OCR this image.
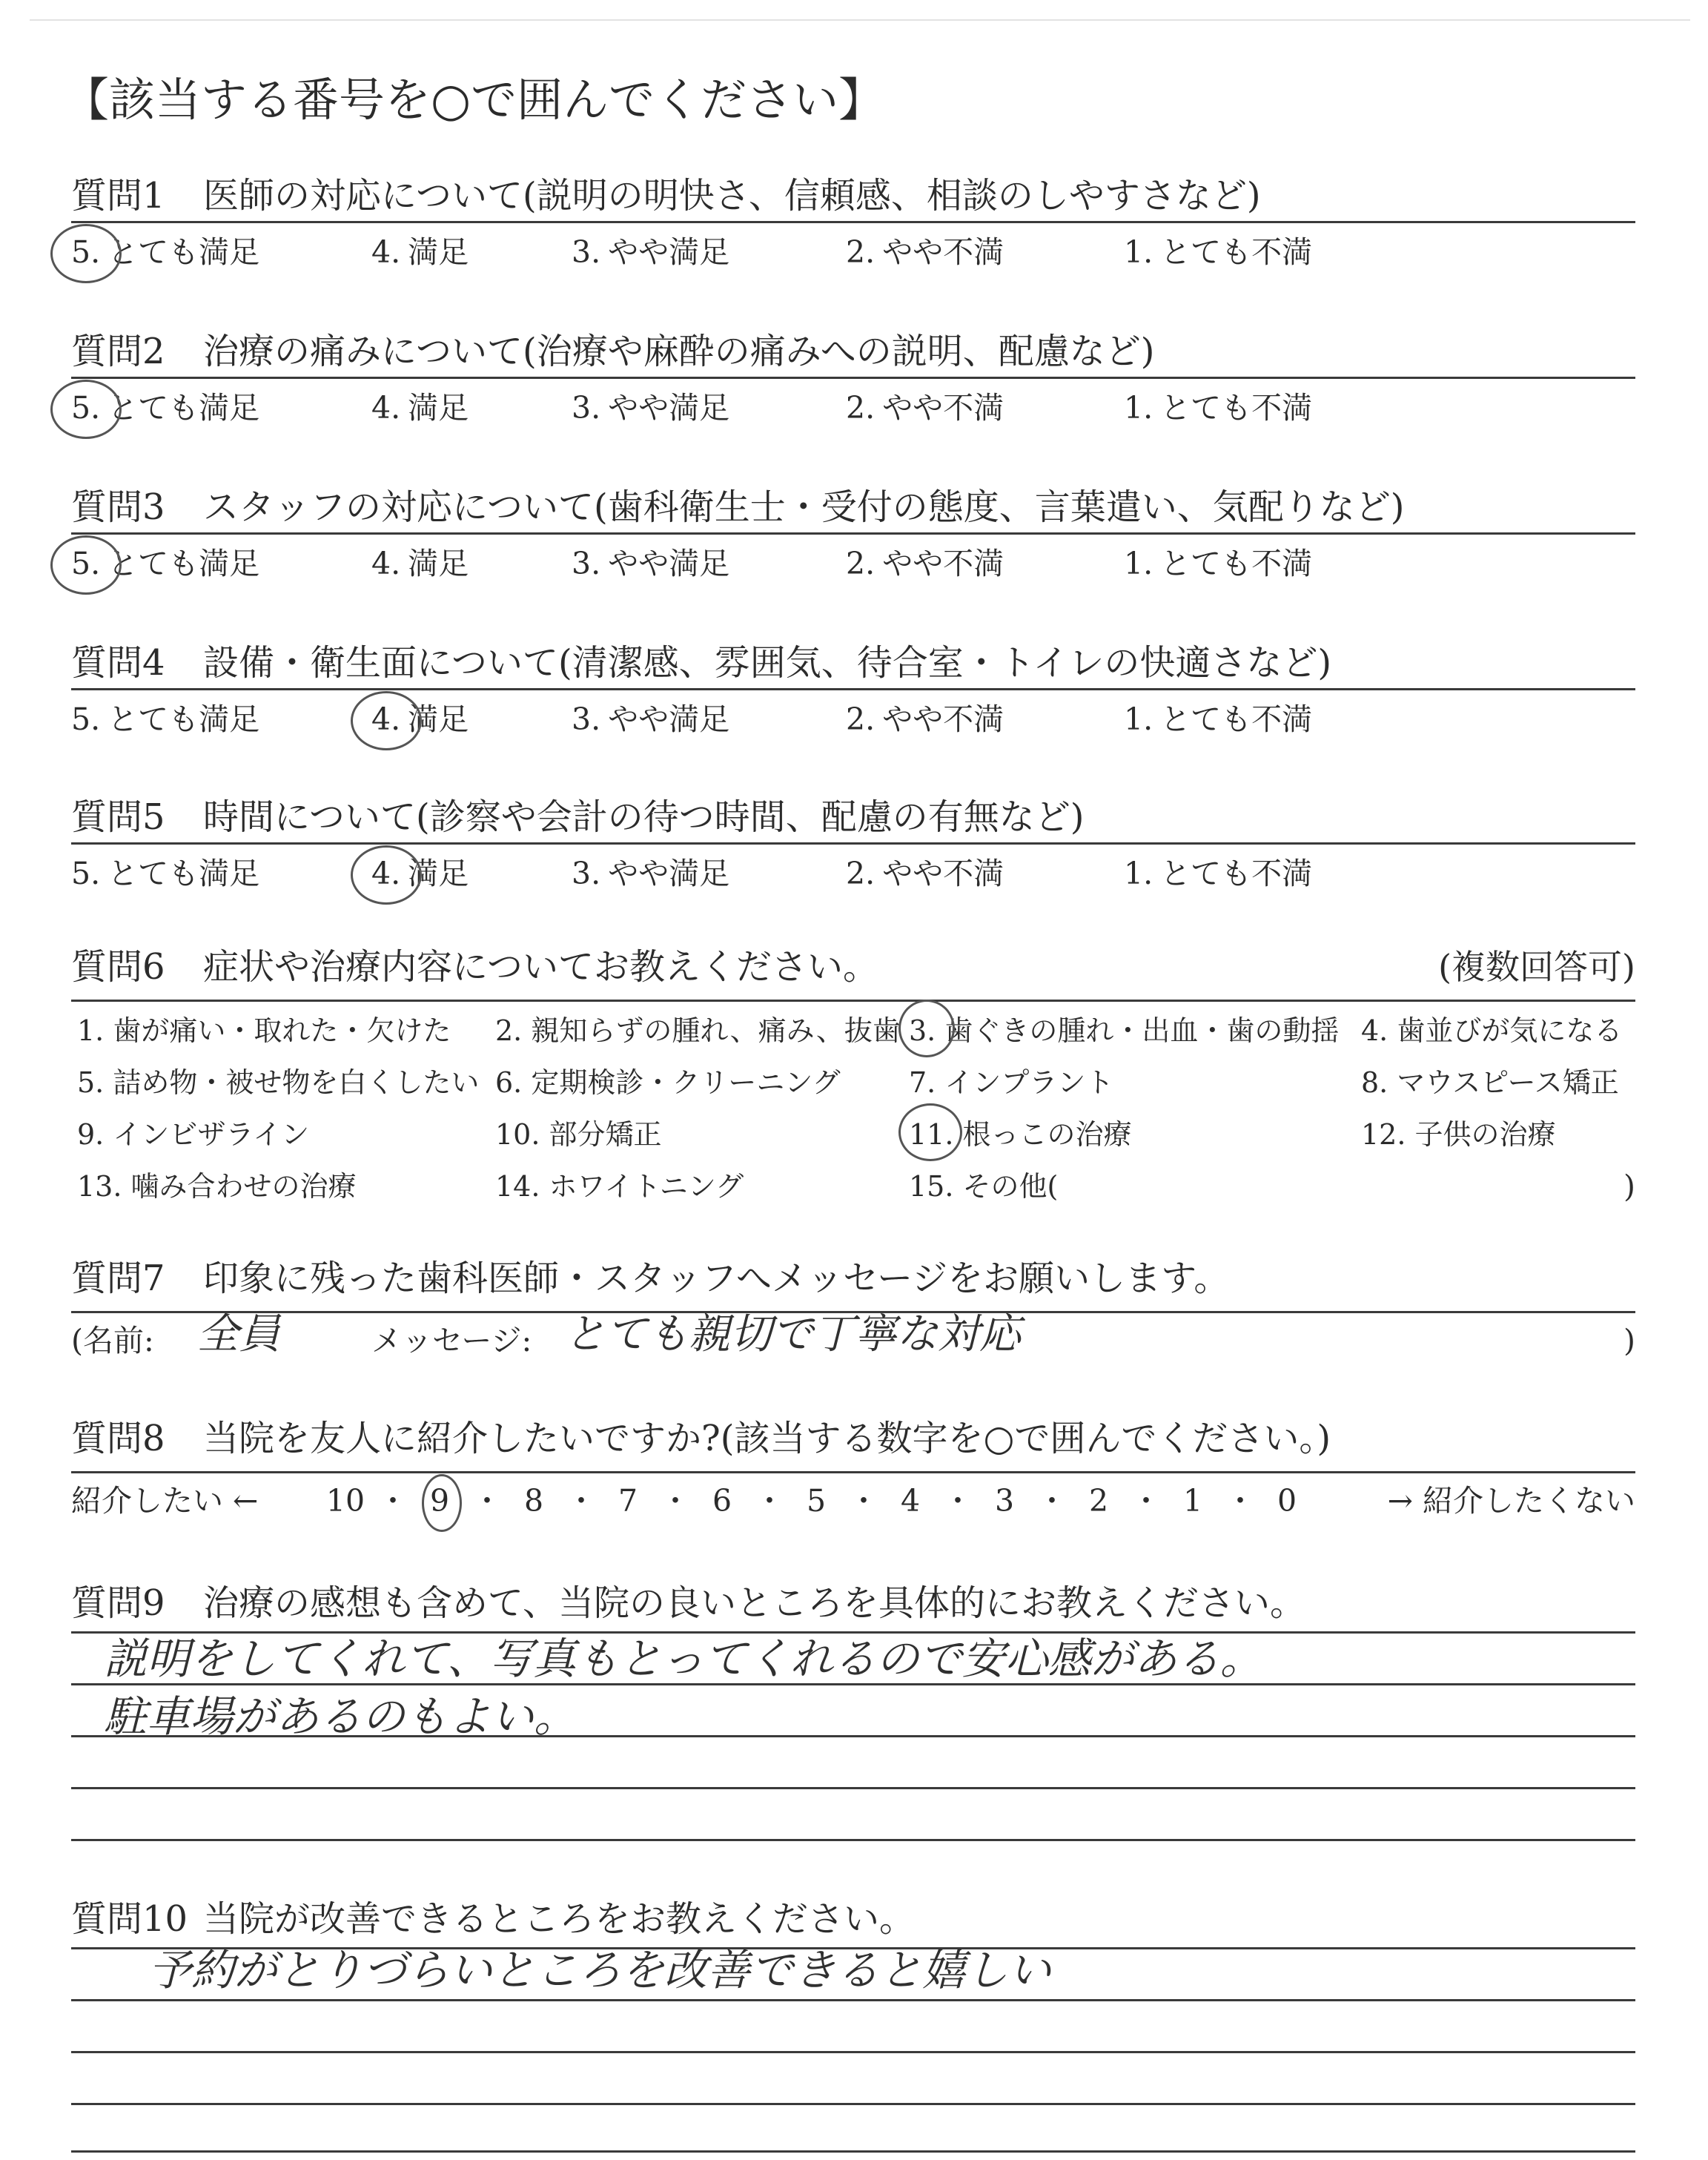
【該当する番号を○で囲んでください】
質問1 医師の対応について(説明の明快さ、信頼感、相談のしやすさなど)
5. とても満足	4. 満足	3. やや満足	2. やや不満	1. とても不満
質問2 治療の痛みについて(治療や麻酔の痛みへの説明、配慮など)
5. とても満足	4. 満足	3. やや満足	2. やや不満	1. とても不満
質問3 スタッフの対応について(歯科衛生士・受付の態度、言葉遣い、気配りなど)
5. とても満足	4. 満足	3. やや満足	2. やや不満	1. とても不満
質問4 設備・衛生面について(清潔感、雰囲気、待合室・トイレの快適さなど)
5. とても満足	4. 満足	3. やや満足	2. やや不満	1. とても不満
質問5 時間について(診察や会計の待つ時間、配慮の有無など)
5. とても満足	4. 満足	3. やや満足	2. やや不満	1. とても不満
質問6 症状や治療内容についてお教えください。	(複数回答可)
1. 歯が痛い・取れた・欠けた 2. 親知らずの腫れ、痛み、抜歯 3. 歯ぐきの腫れ・出血・歯の動揺 4. 歯並びが気になる
5. 詰め物・被せ物を白くしたい 6. 定期検診・クリーニング 7. インプラント	8. マウスピース矯正
9. インビザライン	10. 部分矯正	11. 根っこの治療	12. 子供の治療
13. 噛み合わせの治療	14. ホワイトニング	15. その他(	)
質問7 印象に残った歯科医師・スタッフへメッセージをお願いします。
(名前: 全員	メッセージ: とても親切で丁寧な対応	)
質問8 当院を友人に紹介したいですか?(該当する数字を○で囲んでください。)
紹介したい ←	→ 紹介したくない
10 ・ 9 ・ 8 ・ 7 ・ 6 ・ 5 ・ 4 ・ 3 ・ 2 ・ 1 ・ 0
質問9 治療の感想も含めて、当院の良いところを具体的にお教えください。
説明をしてくれて、写真もとってくれるので安心感がある。
駐車場があるのもよい。
質問10 当院が改善できるところをお教えください。
予約がとりづらいところを改善できると嬉しい
